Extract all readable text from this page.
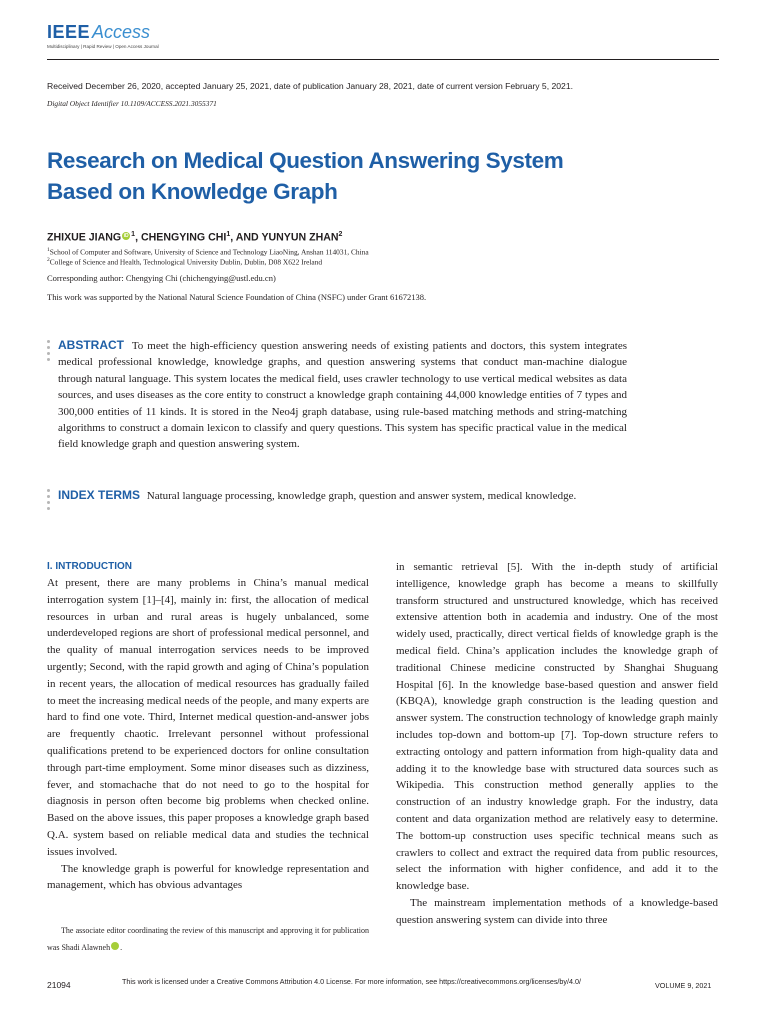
IEEE Access
Multidisciplinary | Rapid Review | Open Access Journal
Received December 26, 2020, accepted January 25, 2021, date of publication January 28, 2021, date of current version February 5, 2021.
Digital Object Identifier 10.1109/ACCESS.2021.3055371
Research on Medical Question Answering System
Based on Knowledge Graph
ZHIXUE JIANG iD $^1$, CHENGYING CHI$^1$, AND YUNYUN ZHAN$^2$
$^1$School of Computer and Software, University of Science and Technology LiaoNing, Anshan 114031, China
$^2$College of Science and Health, Technological University Dublin, Dublin, D08 X622 Ireland
Corresponding author: Chengying Chi (chichengying@ustl.edu.cn)
This work was supported by the National Natural Science Foundation of China (NSFC) under Grant 61672138.
ABSTRACT To meet the high-efficiency question answering needs of existing patients and doctors, this system integrates medical professional knowledge, knowledge graphs, and question answering systems that conduct man-machine dialogue through natural language. This system locates the medical field, uses crawler technology to use vertical medical websites as data sources, and uses diseases as the core entity to construct a knowledge graph containing 44,000 knowledge entities of 7 types and 300,000 entities of 11 kinds. It is stored in the Neo4j graph database, using rule-based matching methods and string-matching algorithms to construct a domain lexicon to classify and query questions. This system has specific practical value in the medical field knowledge graph and question answering system.
INDEX TERMS Natural language processing, knowledge graph, question and answer system, medical knowledge.
I. INTRODUCTION

At present, there are many problems in China’s manual medical interrogation system [1]–[4], mainly in: first, the allocation of medical resources in urban and rural areas is hugely unbalanced, some underdeveloped regions are short of professional medical personnel, and the quality of manual interrogation services needs to be improved urgently; Second, with the rapid growth and aging of China’s population in recent years, the allocation of medical resources has gradually failed to meet the increasing medical needs of the people, and many experts are hard to find one vote. Third, Internet medical question-and-answer jobs are frequently chaotic. Irrelevant personnel without professional qualifications pretend to be experienced doctors for online consultation through part-time employment. Some minor diseases such as dizziness, fever, and stomachache that do not need to go to the hospital for diagnosis in person often become big problems when checked online. Based on the above issues, this paper proposes a knowledge graph based Q.A. system based on reliable medical data and studies the technical issues involved.

The knowledge graph is powerful for knowledge representation and management, which has obvious advantages

in semantic retrieval [5]. With the in-depth study of artificial intelligence, knowledge graph has become a means to skillfully transform structured and unstructured knowledge, which has received extensive attention both in academia and industry. One of the most widely used, practically, direct vertical fields of knowledge graph is the medical field. China’s application includes the knowledge graph of traditional Chinese medicine constructed by Shanghai Shuguang Hospital [6]. In the knowledge base-based question and answer field (KBQA), knowledge graph construction is the leading question and answer system. The construction technology of knowledge graph mainly includes top-down and bottom-up [7]. Top-down structure refers to extracting ontology and pattern information from high-quality data and adding it to the knowledge base with structured data sources such as Wikipedia. This construction method generally applies to the construction of an industry knowledge graph. For the industry, data content and data organization method are relatively easy to determine. The bottom-up construction uses specific technical means such as crawlers to collect and extract the required data from public resources, select the information with higher confidence, and add it to the knowledge base.

The mainstream implementation methods of a knowledge-based question answering system can divide into three

The associate editor coordinating the review of this manuscript and approving it for publication was Shadi Alawneh	iD.

21094	This work is licensed under a Creative Commons Attribution 4.0 License. For more information, see https://creativecommons.org/licenses/by/4.0/	VOLUME 9, 2021
